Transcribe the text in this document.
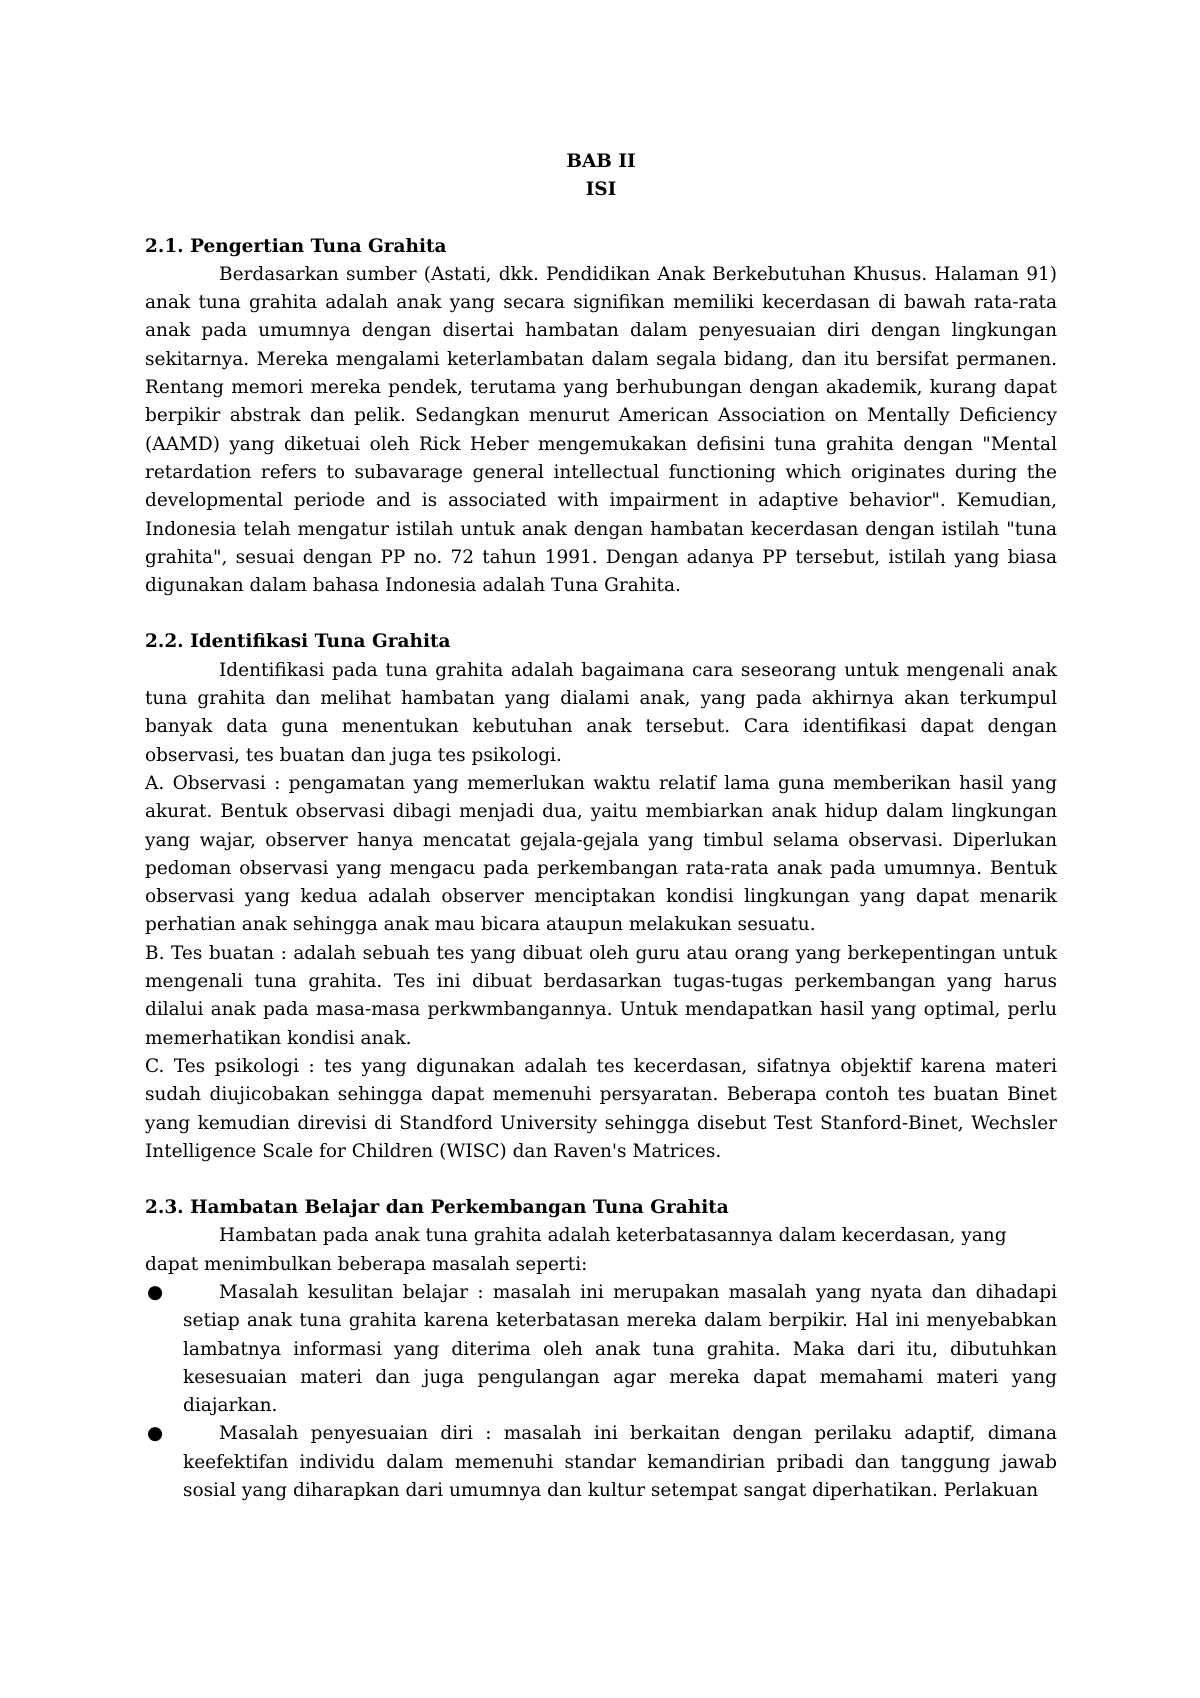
BAB II
ISI
2.1. Pengertian Tuna Grahita

Berdasarkan sumber (Astati, dkk. Pendidikan Anak Berkebutuhan Khusus. Halaman 91) anak tuna grahita adalah anak yang secara signifikan memiliki kecerdasan di bawah rata-rata anak pada umumnya dengan disertai hambatan dalam penyesuaian diri dengan lingkungan sekitarnya. Mereka mengalami keterlambatan dalam segala bidang, dan itu bersifat permanen. Rentang memori mereka pendek, terutama yang berhubungan dengan akademik, kurang dapat berpikir abstrak dan pelik. Sedangkan menurut American Association on Mentally Deficiency (AAMD) yang diketuai oleh Rick Heber mengemukakan defisini tuna grahita dengan "Mental retardation refers to subavarage general intellectual functioning which originates during the developmental periode and is associated with impairment in adaptive behavior". Kemudian, Indonesia telah mengatur istilah untuk anak dengan hambatan kecerdasan dengan istilah "tuna grahita", sesuai dengan PP no. 72 tahun 1991. Dengan adanya PP tersebut, istilah yang biasa digunakan dalam bahasa Indonesia adalah Tuna Grahita.

2.2. Identifikasi Tuna Grahita

Identifikasi pada tuna grahita adalah bagaimana cara seseorang untuk mengenali anak tuna grahita dan melihat hambatan yang dialami anak, yang pada akhirnya akan terkumpul banyak data guna menentukan kebutuhan anak tersebut. Cara identifikasi dapat dengan observasi, tes buatan dan juga tes psikologi.

A. Observasi : pengamatan yang memerlukan waktu relatif lama guna memberikan hasil yang akurat. Bentuk observasi dibagi menjadi dua, yaitu membiarkan anak hidup dalam lingkungan yang wajar, observer hanya mencatat gejala-gejala yang timbul selama observasi. Diperlukan pedoman observasi yang mengacu pada perkembangan rata-rata anak pada umumnya. Bentuk observasi yang kedua adalah observer menciptakan kondisi lingkungan yang dapat menarik perhatian anak sehingga anak mau bicara ataupun melakukan sesuatu.

B. Tes buatan : adalah sebuah tes yang dibuat oleh guru atau orang yang berkepentingan untuk mengenali tuna grahita. Tes ini dibuat berdasarkan tugas-tugas perkembangan yang harus dilalui anak pada masa-masa perkwmbangannya. Untuk mendapatkan hasil yang optimal, perlu memerhatikan kondisi anak.

C. Tes psikologi : tes yang digunakan adalah tes kecerdasan, sifatnya objektif karena materi sudah diujicobakan sehingga dapat memenuhi persyaratan. Beberapa contoh tes buatan Binet yang kemudian direvisi di Standford University sehingga disebut Test Stanford-Binet, Wechsler Intelligence Scale for Children (WISC) dan Raven's Matrices.

2.3. Hambatan Belajar dan Perkembangan Tuna Grahita

Hambatan pada anak tuna grahita adalah keterbatasannya dalam kecerdasan, yang dapat menimbulkan beberapa masalah seperti:

●	Masalah kesulitan belajar : masalah ini merupakan masalah yang nyata dan dihadapi setiap anak tuna grahita karena keterbatasan mereka dalam berpikir. Hal ini menyebabkan lambatnya informasi yang diterima oleh anak tuna grahita. Maka dari itu, dibutuhkan kesesuaian materi dan juga pengulangan agar mereka dapat memahami materi yang diajarkan.
●	Masalah penyesuaian diri : masalah ini berkaitan dengan perilaku adaptif, dimana keefektifan individu dalam memenuhi standar kemandirian pribadi dan tanggung jawab sosial yang diharapkan dari umumnya dan kultur setempat sangat diperhatikan. Perlakuan
